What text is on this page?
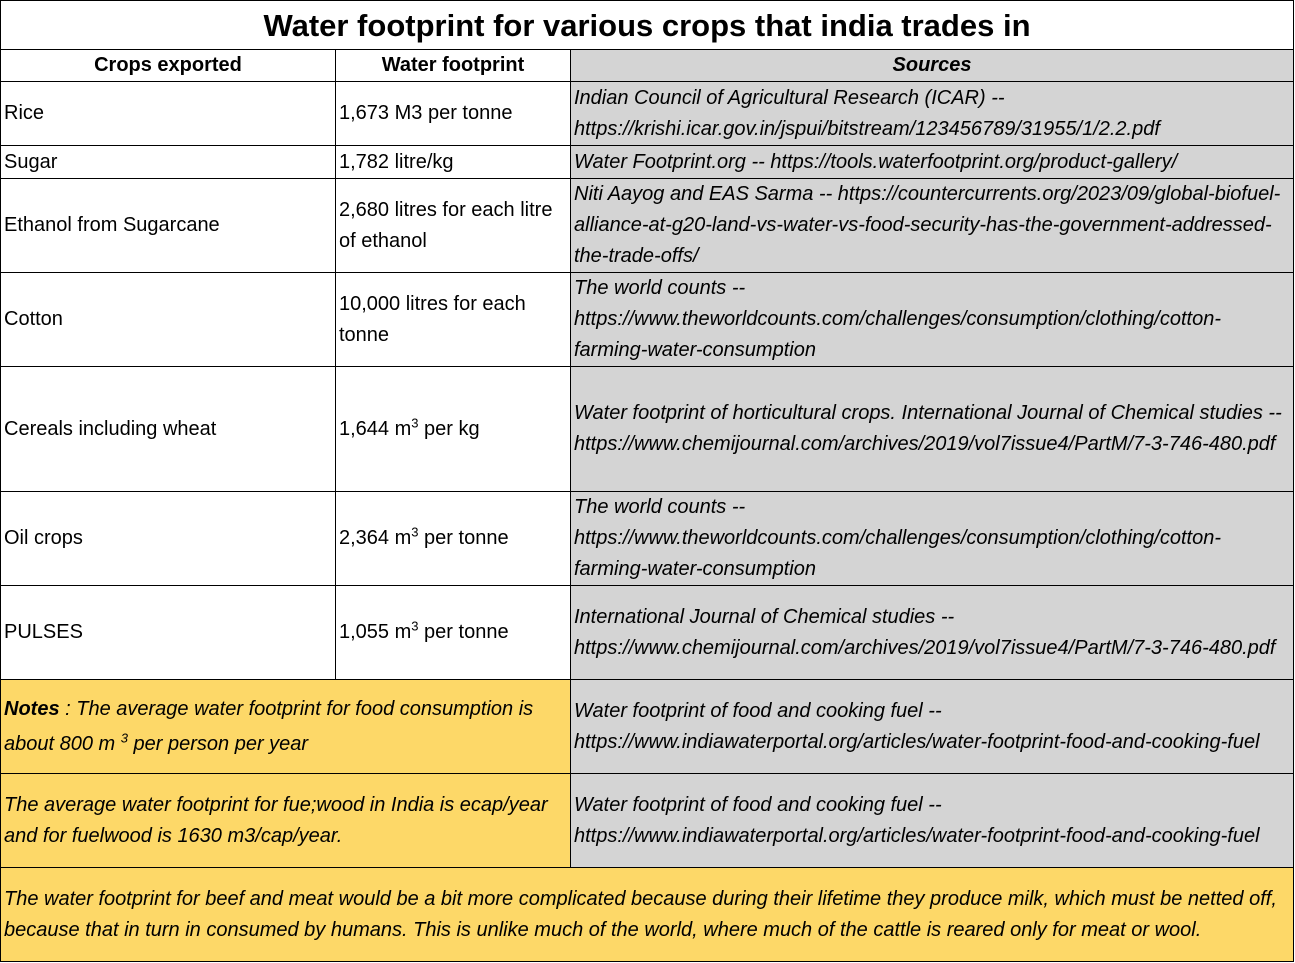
Water footprint for various crops that india trades in		
Crops exported	Water footprint	Sources
Rice	1,673 M3 per tonne	Indian Council of Agricultural Research (ICAR) -- https://krishi.icar.gov.in/jspui/bitstream/123456789/31955/1/2.2.pdf
Sugar	1,782 litre/kg	Water Footprint.org -- https://tools.waterfootprint.org/product-gallery/
Ethanol from Sugarcane	2,680 litres for each litre of ethanol	Niti Aayog and EAS Sarma -- https://countercurrents.org/2023/09/global-biofuel-alliance-at-g20-land-vs-water-vs-food-security-has-the-government-addressed-the-trade-offs/
Cotton	10,000 litres for each tonne	The world counts -- https://www.theworldcounts.com/challenges/consumption/clothing/cotton-farming-water-consumption
Cereals including wheat	1,644 $m^3$ per kg	Water footprint of horticultural crops. International Journal of Chemical studies -- https://www.chemijournal.com/archives/2019/vol7issue4/PartM/7-3-746-480.pdf
Oil crops	2,364 $m^3$ per tonne	The world counts -- https://www.theworldcounts.com/challenges/consumption/clothing/cotton-farming-water-consumption
PULSES	1,055 $m^3$ per tonne	International Journal of Chemical studies -- https://www.chemijournal.com/archives/2019/vol7issue4/PartM/7-3-746-480.pdf
Notes : The average water footprint for food consumption is about 800 m $^3$ per person per year		Water footprint of food and cooking fuel -- https://www.indiawaterportal.org/articles/water-footprint-food-and-cooking-fuel
The average water footprint for fue;wood in India is ecap/year and for fuelwood is 1630 m3/cap/year.		Water footprint of food and cooking fuel -- https://www.indiawaterportal.org/articles/water-footprint-food-and-cooking-fuel
The water footprint for beef and meat would be a bit more complicated because during their lifetime they produce milk, which must be netted off, because that in turn in consumed by humans. This is unlike much of the world, where much of the cattle is reared only for meat or wool.		
